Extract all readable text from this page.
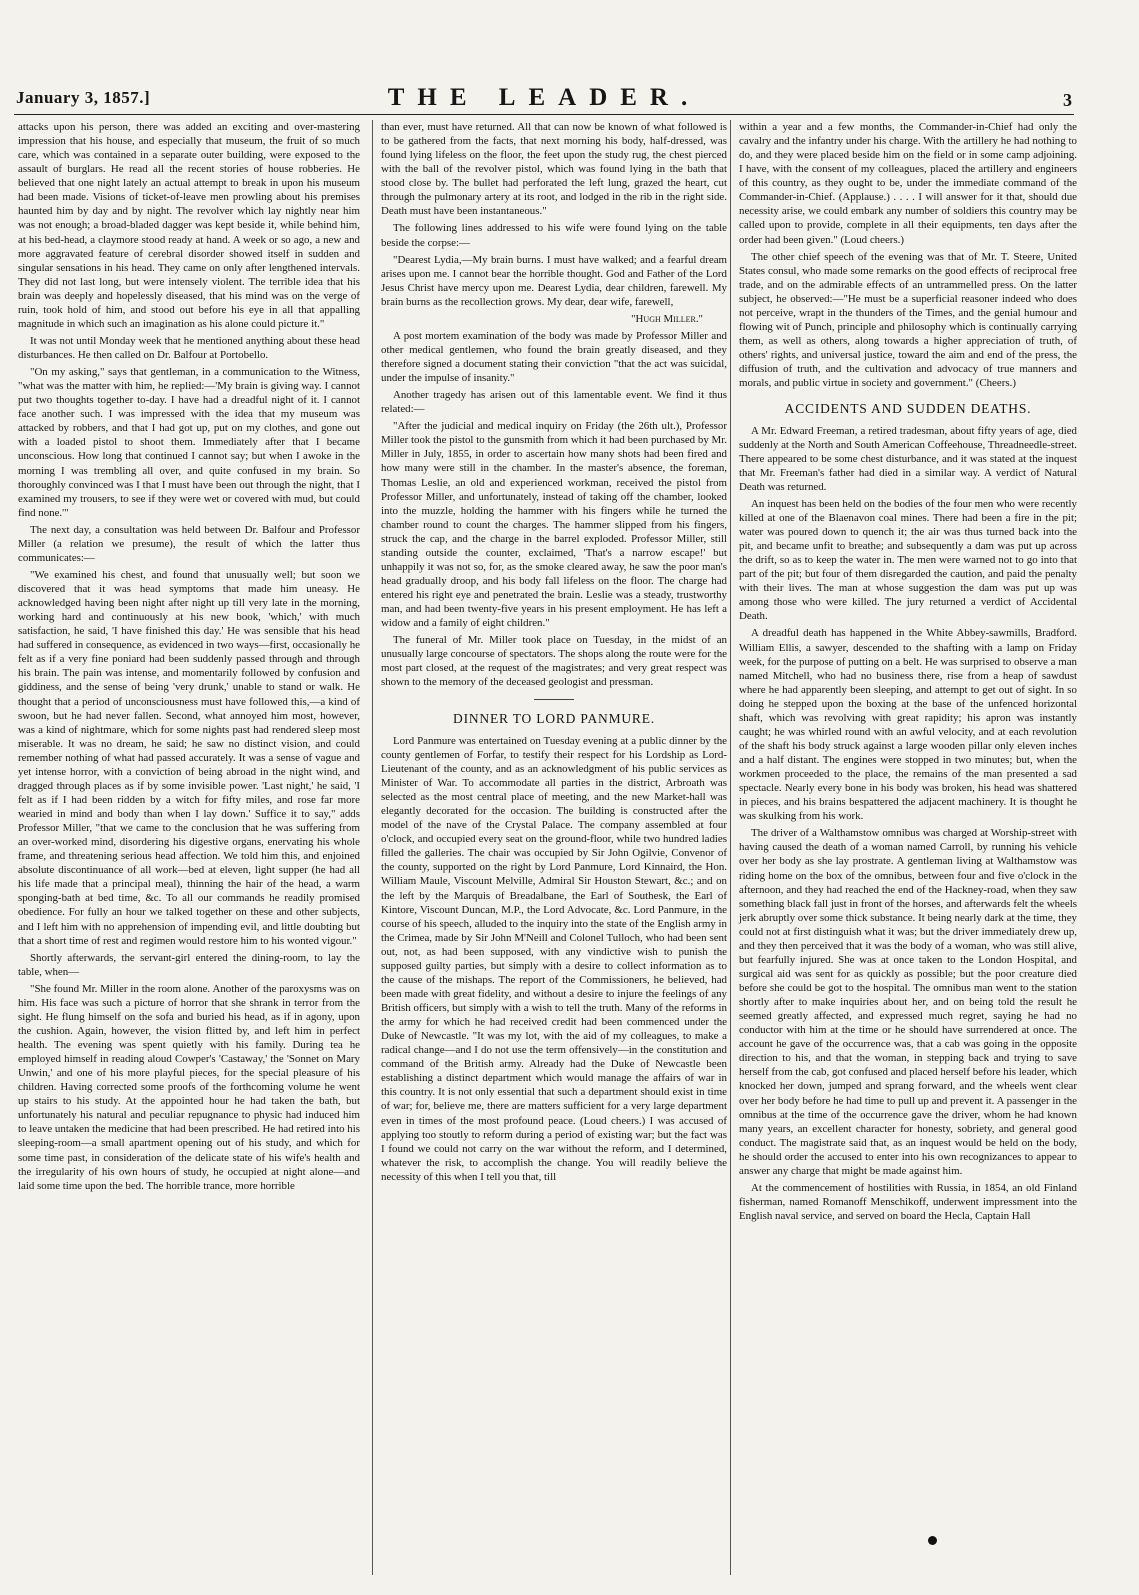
January 3, 1857.]	THE LEADER.	3

attacks upon his person, there was added an exciting and over-mastering impression that his house, and especially that museum, the fruit of so much care, which was contained in a separate outer building, were exposed to the assault of burglars. He read all the recent stories of house robberies. He believed that one night lately an actual attempt to break in upon his museum had been made. Visions of ticket-of-leave men prowling about his premises haunted him by day and by night. The revolver which lay nightly near him was not enough; a broad-bladed dagger was kept beside it, while behind him, at his bed-head, a claymore stood ready at hand. A week or so ago, a new and more aggravated feature of cerebral disorder showed itself in sudden and singular sensations in his head. They came on only after lengthened intervals. They did not last long, but were intensely violent. The terrible idea that his brain was deeply and hopelessly diseased, that his mind was on the verge of ruin, took hold of him, and stood out before his eye in all that appalling magnitude in which such an imagination as his alone could picture it."

It was not until Monday week that he mentioned anything about these head disturbances. He then called on Dr. Balfour at Portobello.

"On my asking," says that gentleman, in a communication to the Witness, "what was the matter with him, he replied:—'My brain is giving way. I cannot put two thoughts together to-day. I have had a dreadful night of it. I cannot face another such. I was impressed with the idea that my museum was attacked by robbers, and that I had got up, put on my clothes, and gone out with a loaded pistol to shoot them. Immediately after that I became unconscious. How long that continued I cannot say; but when I awoke in the morning I was trembling all over, and quite confused in my brain. So thoroughly convinced was I that I must have been out through the night, that I examined my trousers, to see if they were wet or covered with mud, but could find none.'"

The next day, a consultation was held between Dr. Balfour and Professor Miller (a relation we presume), the result of which the latter thus communicates:—

"We examined his chest, and found that unusually well; but soon we discovered that it was head symptoms that made him uneasy. He acknowledged having been night after night up till very late in the morning, working hard and continuously at his new book, 'which,' with much satisfaction, he said, 'I have finished this day.' He was sensible that his head had suffered in consequence, as evidenced in two ways—first, occasionally he felt as if a very fine poniard had been suddenly passed through and through his brain. The pain was intense, and momentarily followed by confusion and giddiness, and the sense of being 'very drunk,' unable to stand or walk. He thought that a period of unconsciousness must have followed this,—a kind of swoon, but he had never fallen. Second, what annoyed him most, however, was a kind of nightmare, which for some nights past had rendered sleep most miserable. It was no dream, he said; he saw no distinct vision, and could remember nothing of what had passed accurately. It was a sense of vague and yet intense horror, with a conviction of being abroad in the night wind, and dragged through places as if by some invisible power. 'Last night,' he said, 'I felt as if I had been ridden by a witch for fifty miles, and rose far more wearied in mind and body than when I lay down.' Suffice it to say," adds Professor Miller, "that we came to the conclusion that he was suffering from an over-worked mind, disordering his digestive organs, enervating his whole frame, and threatening serious head affection. We told him this, and enjoined absolute discontinuance of all work—bed at eleven, light supper (he had all his life made that a principal meal), thinning the hair of the head, a warm sponging-bath at bed time, &c. To all our commands he readily promised obedience. For fully an hour we talked together on these and other subjects, and I left him with no apprehension of impending evil, and little doubting but that a short time of rest and regimen would restore him to his wonted vigour."

Shortly afterwards, the servant-girl entered the dining-room, to lay the table, when—

"She found Mr. Miller in the room alone. Another of the paroxysms was on him. His face was such a picture of horror that she shrank in terror from the sight. He flung himself on the sofa and buried his head, as if in agony, upon the cushion. Again, however, the vision flitted by, and left him in perfect health. The evening was spent quietly with his family. During tea he employed himself in reading aloud Cowper's 'Castaway,' the 'Sonnet on Mary Unwin,' and one of his more playful pieces, for the special pleasure of his children. Having corrected some proofs of the forthcoming volume he went up stairs to his study. At the appointed hour he had taken the bath, but unfortunately his natural and peculiar repugnance to physic had induced him to leave untaken the medicine that had been prescribed. He had retired into his sleeping-room—a small apartment opening out of his study, and which for some time past, in consideration of the delicate state of his wife's health and the irregularity of his own hours of study, he occupied at night alone—and laid some time upon the bed. The horrible trance, more horrible

than ever, must have returned. All that can now be known of what followed is to be gathered from the facts, that next morning his body, half-dressed, was found lying lifeless on the floor, the feet upon the study rug, the chest pierced with the ball of the revolver pistol, which was found lying in the bath that stood close by. The bullet had perforated the left lung, grazed the heart, cut through the pulmonary artery at its root, and lodged in the rib in the right side. Death must have been instantaneous."

The following lines addressed to his wife were found lying on the table beside the corpse:—

"Dearest Lydia,—My brain burns. I must have walked; and a fearful dream arises upon me. I cannot bear the horrible thought. God and Father of the Lord Jesus Christ have mercy upon me. Dearest Lydia, dear children, farewell. My brain burns as the recollection grows. My dear, dear wife, farewell,

"Hugh Miller."

A post mortem examination of the body was made by Professor Miller and other medical gentlemen, who found the brain greatly diseased, and they therefore signed a document stating their conviction "that the act was suicidal, under the impulse of insanity."

Another tragedy has arisen out of this lamentable event. We find it thus related:—

"After the judicial and medical inquiry on Friday (the 26th ult.), Professor Miller took the pistol to the gunsmith from which it had been purchased by Mr. Miller in July, 1855, in order to ascertain how many shots had been fired and how many were still in the chamber. In the master's absence, the foreman, Thomas Leslie, an old and experienced workman, received the pistol from Professor Miller, and unfortunately, instead of taking off the chamber, looked into the muzzle, holding the hammer with his fingers while he turned the chamber round to count the charges. The hammer slipped from his fingers, struck the cap, and the charge in the barrel exploded. Professor Miller, still standing outside the counter, exclaimed, 'That's a narrow escape!' but unhappily it was not so, for, as the smoke cleared away, he saw the poor man's head gradually droop, and his body fall lifeless on the floor. The charge had entered his right eye and penetrated the brain. Leslie was a steady, trustworthy man, and had been twenty-five years in his present employment. He has left a widow and a family of eight children."

The funeral of Mr. Miller took place on Tuesday, in the midst of an unusually large concourse of spectators. The shops along the route were for the most part closed, at the request of the magistrates; and very great respect was shown to the memory of the deceased geologist and pressman.

DINNER TO LORD PANMURE.

Lord Panmure was entertained on Tuesday evening at a public dinner by the county gentlemen of Forfar, to testify their respect for his Lordship as Lord-Lieutenant of the county, and as an acknowledgment of his public services as Minister of War. To accommodate all parties in the district, Arbroath was selected as the most central place of meeting, and the new Market-hall was elegantly decorated for the occasion. The building is constructed after the model of the nave of the Crystal Palace. The company assembled at four o'clock, and occupied every seat on the ground-floor, while two hundred ladies filled the galleries. The chair was occupied by Sir John Ogilvie, Convenor of the county, supported on the right by Lord Panmure, Lord Kinnaird, the Hon. William Maule, Viscount Melville, Admiral Sir Houston Stewart, &c.; and on the left by the Marquis of Breadalbane, the Earl of Southesk, the Earl of Kintore, Viscount Duncan, M.P., the Lord Advocate, &c. Lord Panmure, in the course of his speech, alluded to the inquiry into the state of the English army in the Crimea, made by Sir John M'Neill and Colonel Tulloch, who had been sent out, not, as had been supposed, with any vindictive wish to punish the supposed guilty parties, but simply with a desire to collect information as to the cause of the mishaps. The report of the Commissioners, he believed, had been made with great fidelity, and without a desire to injure the feelings of any British officers, but simply with a wish to tell the truth. Many of the reforms in the army for which he had received credit had been commenced under the Duke of Newcastle. "It was my lot, with the aid of my colleagues, to make a radical change—and I do not use the term offensively—in the constitution and command of the British army. Already had the Duke of Newcastle been establishing a distinct department which would manage the affairs of war in this country. It is not only essential that such a department should exist in time of war; for, believe me, there are matters sufficient for a very large department even in times of the most profound peace. (Loud cheers.) I was accused of applying too stoutly to reform during a period of existing war; but the fact was I found we could not carry on the war without the reform, and I determined, whatever the risk, to accomplish the change. You will readily believe the necessity of this when I tell you that, till

within a year and a few months, the Commander-in-Chief had only the cavalry and the infantry under his charge. With the artillery he had nothing to do, and they were placed beside him on the field or in some camp adjoining. I have, with the consent of my colleagues, placed the artillery and engineers of this country, as they ought to be, under the immediate command of the Commander-in-Chief. (Applause.) . . . . I will answer for it that, should due necessity arise, we could embark any number of soldiers this country may be called upon to provide, complete in all their equipments, ten days after the order had been given." (Loud cheers.)

The other chief speech of the evening was that of Mr. T. Steere, United States consul, who made some remarks on the good effects of reciprocal free trade, and on the admirable effects of an untrammelled press. On the latter subject, he observed:—"He must be a superficial reasoner indeed who does not perceive, wrapt in the thunders of the Times, and the genial humour and flowing wit of Punch, principle and philosophy which is continually carrying them, as well as others, along towards a higher appreciation of truth, of others' rights, and universal justice, toward the aim and end of the press, the diffusion of truth, and the cultivation and advocacy of true manners and morals, and public virtue in society and government." (Cheers.)

ACCIDENTS AND SUDDEN DEATHS.

A Mr. Edward Freeman, a retired tradesman, about fifty years of age, died suddenly at the North and South American Coffeehouse, Threadneedle-street. There appeared to be some chest disturbance, and it was stated at the inquest that Mr. Freeman's father had died in a similar way. A verdict of Natural Death was returned.

An inquest has been held on the bodies of the four men who were recently killed at one of the Blaenavon coal mines. There had been a fire in the pit; water was poured down to quench it; the air was thus turned back into the pit, and became unfit to breathe; and subsequently a dam was put up across the drift, so as to keep the water in. The men were warned not to go into that part of the pit; but four of them disregarded the caution, and paid the penalty with their lives. The man at whose suggestion the dam was put up was among those who were killed. The jury returned a verdict of Accidental Death.

A dreadful death has happened in the White Abbey-sawmills, Bradford. William Ellis, a sawyer, descended to the shafting with a lamp on Friday week, for the purpose of putting on a belt. He was surprised to observe a man named Mitchell, who had no business there, rise from a heap of sawdust where he had apparently been sleeping, and attempt to get out of sight. In so doing he stepped upon the boxing at the base of the unfenced horizontal shaft, which was revolving with great rapidity; his apron was instantly caught; he was whirled round with an awful velocity, and at each revolution of the shaft his body struck against a large wooden pillar only eleven inches and a half distant. The engines were stopped in two minutes; but, when the workmen proceeded to the place, the remains of the man presented a sad spectacle. Nearly every bone in his body was broken, his head was shattered in pieces, and his brains bespattered the adjacent machinery. It is thought he was skulking from his work.

The driver of a Walthamstow omnibus was charged at Worship-street with having caused the death of a woman named Carroll, by running his vehicle over her body as she lay prostrate. A gentleman living at Walthamstow was riding home on the box of the omnibus, between four and five o'clock in the afternoon, and they had reached the end of the Hackney-road, when they saw something black fall just in front of the horses, and afterwards felt the wheels jerk abruptly over some thick substance. It being nearly dark at the time, they could not at first distinguish what it was; but the driver immediately drew up, and they then perceived that it was the body of a woman, who was still alive, but fearfully injured. She was at once taken to the London Hospital, and surgical aid was sent for as quickly as possible; but the poor creature died before she could be got to the hospital. The omnibus man went to the station shortly after to make inquiries about her, and on being told the result he seemed greatly affected, and expressed much regret, saying he had no conductor with him at the time or he should have surrendered at once. The account he gave of the occurrence was, that a cab was going in the opposite direction to his, and that the woman, in stepping back and trying to save herself from the cab, got confused and placed herself before his leader, which knocked her down, jumped and sprang forward, and the wheels went clear over her body before he had time to pull up and prevent it. A passenger in the omnibus at the time of the occurrence gave the driver, whom he had known many years, an excellent character for honesty, sobriety, and general good conduct. The magistrate said that, as an inquest would be held on the body, he should order the accused to enter into his own recognizances to appear to answer any charge that might be made against him.

At the commencement of hostilities with Russia, in 1854, an old Finland fisherman, named Romanoff Menschikoff, underwent impressment into the English naval service, and served on board the Hecla, Captain Hall
